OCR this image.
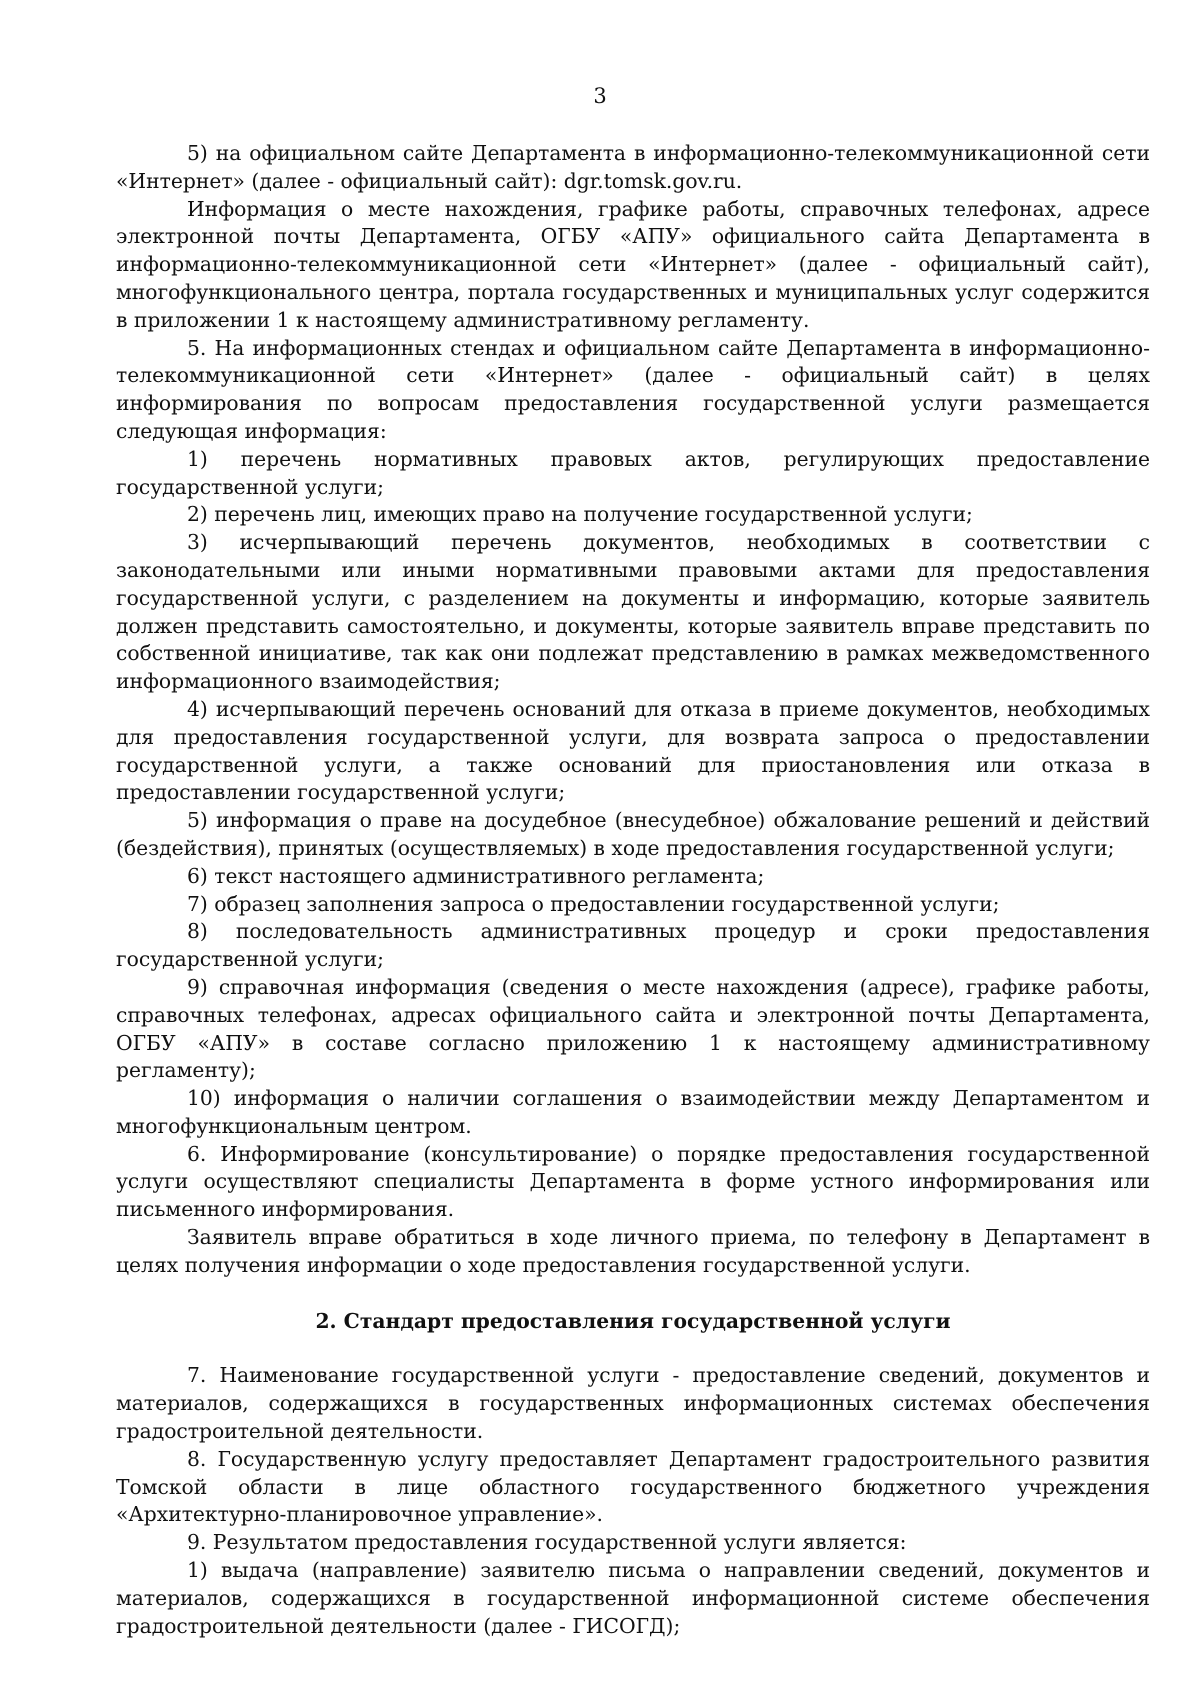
3

5) на официальном сайте Департамента в информационно-телекоммуникационной сети «Интернет» (далее - официальный сайт): dgr.tomsk.gov.ru.

Информация о месте нахождения, графике работы, справочных телефонах, адресе электронной почты Департамента, ОГБУ «АПУ» официального сайта Департамента в информационно-телекоммуникационной сети «Интернет» (далее - официальный сайт), многофункционального центра, портала государственных и муниципальных услуг содержится в приложении 1 к настоящему административному регламенту.

5. На информационных стендах и официальном сайте Департамента в информационно-телекоммуникационной сети «Интернет» (далее - официальный сайт) в целях информирования по вопросам предоставления государственной услуги размещается следующая информация:

1) перечень нормативных правовых актов, регулирующих предоставление государственной услуги;

2) перечень лиц, имеющих право на получение государственной услуги;

3) исчерпывающий перечень документов, необходимых в соответствии с законодательными или иными нормативными правовыми актами для предоставления государственной услуги, с разделением на документы и информацию, которые заявитель должен представить самостоятельно, и документы, которые заявитель вправе представить по собственной инициативе, так как они подлежат представлению в рамках межведомственного информационного взаимодействия;

4) исчерпывающий перечень оснований для отказа в приеме документов, необходимых для предоставления государственной услуги, для возврата запроса о предоставлении государственной услуги, а также оснований для приостановления или отказа в предоставлении государственной услуги;

5) информация о праве на досудебное (внесудебное) обжалование решений и действий (бездействия), принятых (осуществляемых) в ходе предоставления государственной услуги;

6) текст настоящего административного регламента;

7) образец заполнения запроса о предоставлении государственной услуги;

8) последовательность административных процедур и сроки предоставления государственной услуги;

9) справочная информация (сведения о месте нахождения (адресе), графике работы, справочных телефонах, адресах официального сайта и электронной почты Департамента, ОГБУ «АПУ» в составе согласно приложению 1 к настоящему административному регламенту);

10) информация о наличии соглашения о взаимодействии между Департаментом и многофункциональным центром.

6. Информирование (консультирование) о порядке предоставления государственной услуги осуществляют специалисты Департамента в форме устного информирования или письменного информирования.

Заявитель вправе обратиться в ходе личного приема, по телефону в Департамент в целях получения информации о ходе предоставления государственной услуги.

2. Стандарт предоставления государственной услуги

7. Наименование государственной услуги - предоставление сведений, документов и материалов, содержащихся в государственных информационных системах обеспечения градостроительной деятельности.

8. Государственную услугу предоставляет Департамент градостроительного развития Томской области в лице областного государственного бюджетного учреждения «Архитектурно-планировочное управление».

9. Результатом предоставления государственной услуги является:

1) выдача (направление) заявителю письма о направлении сведений, документов и материалов, содержащихся в государственной информационной системе обеспечения градостроительной деятельности (далее - ГИСОГД);
